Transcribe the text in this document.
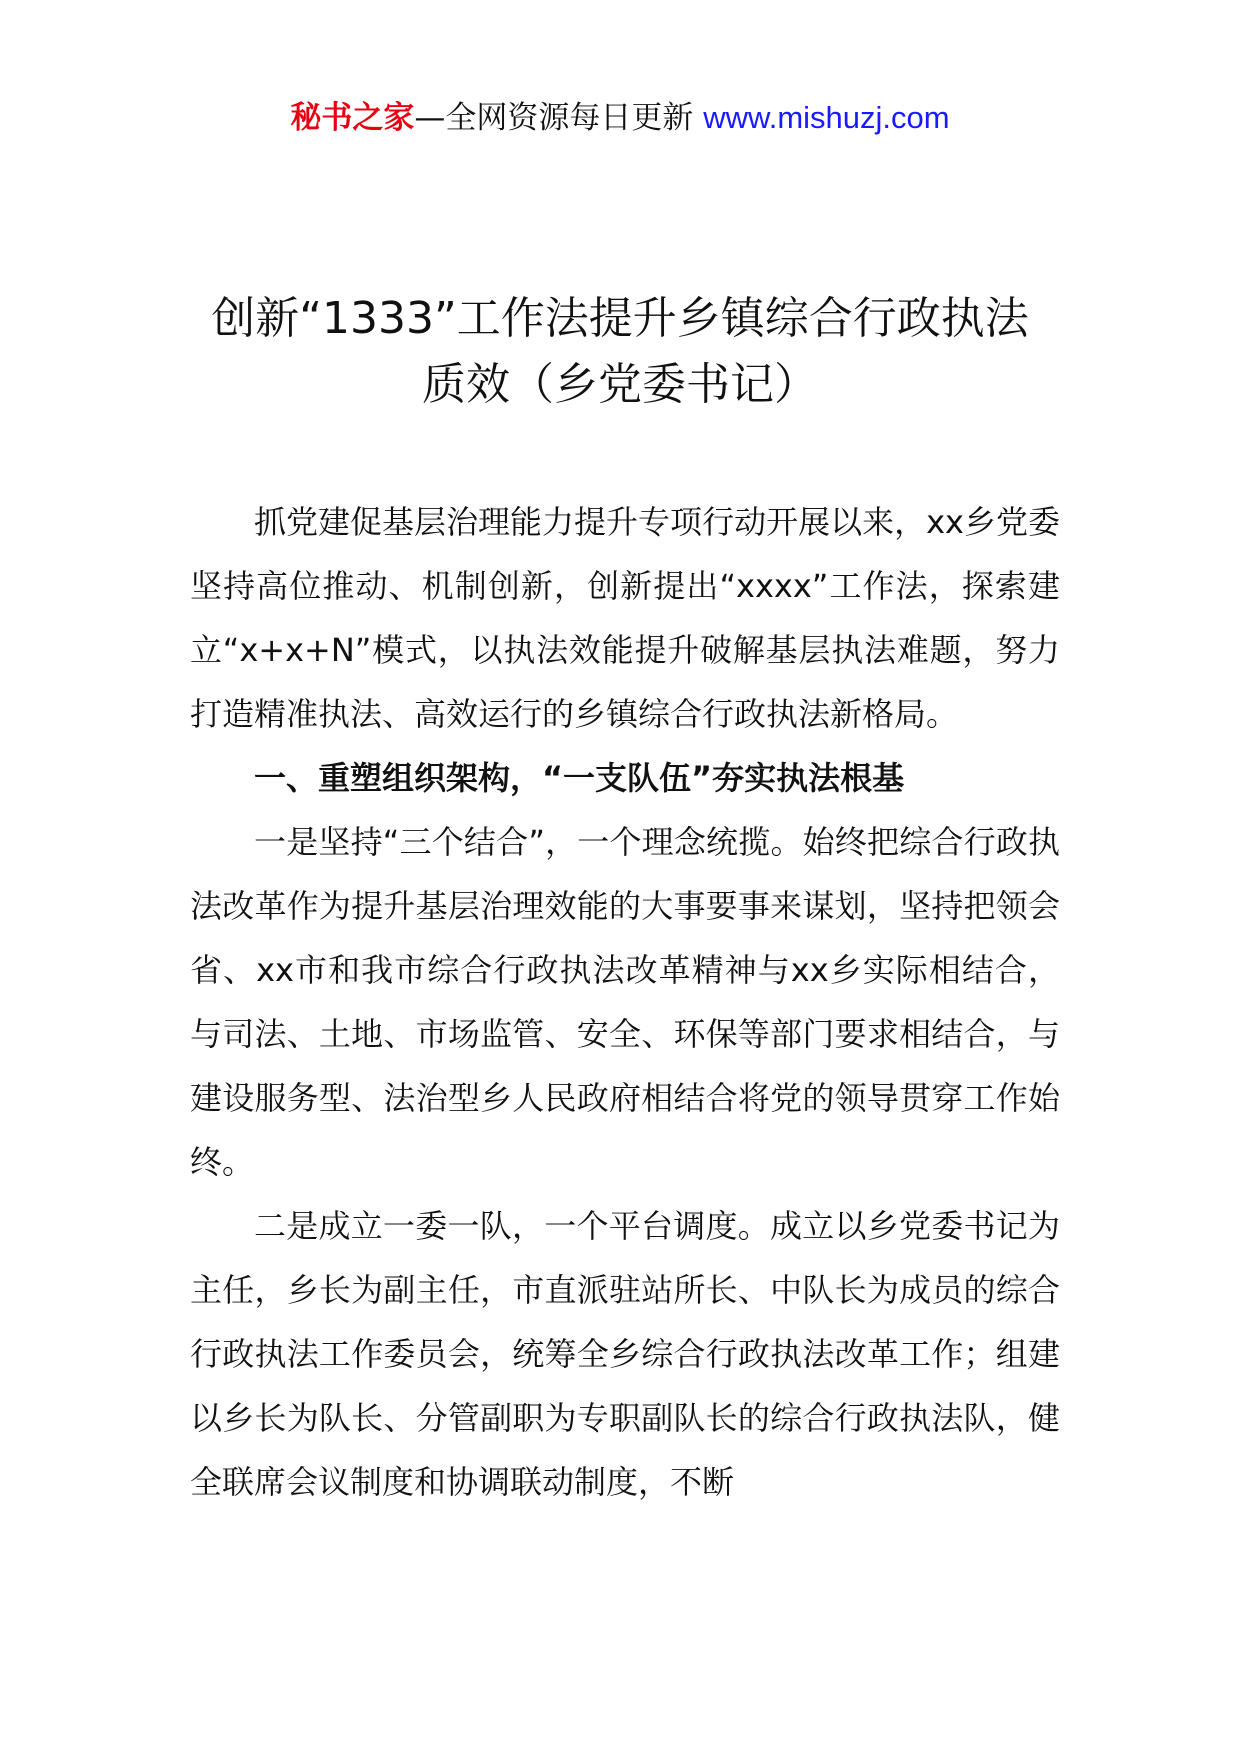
秘书之家—全网资源每日更新 www.mishuzj.com
创新“1333”工作法提升乡镇综合行政执法
质效（乡党委书记）

抓党建促基层治理能力提升专项行动开展以来，xx乡党委坚持高位推动、机制创新，创新提出“xxxx”工作法，探索建立“x+x+N”模式，以执法效能提升破解基层执法难题，努力打造精准执法、高效运行的乡镇综合行政执法新格局。

一、重塑组织架构，“一支队伍”夯实执法根基

一是坚持“三个结合”，一个理念统揽。始终把综合行政执法改革作为提升基层治理效能的大事要事来谋划，坚持把领会省、xx市和我市综合行政执法改革精神与xx乡实际相结合，与司法、土地、市场监管、安全、环保等部门要求相结合，与建设服务型、法治型乡人民政府相结合将党的领导贯穿工作始终。

二是成立一委一队，一个平台调度。成立以乡党委书记为主任，乡长为副主任，市直派驻站所长、中队长为成员的综合行政执法工作委员会，统筹全乡综合行政执法改革工作；组建以乡长为队长、分管副职为专职副队长的综合行政执法队，健全联席会议制度和协调联动制度，不断
